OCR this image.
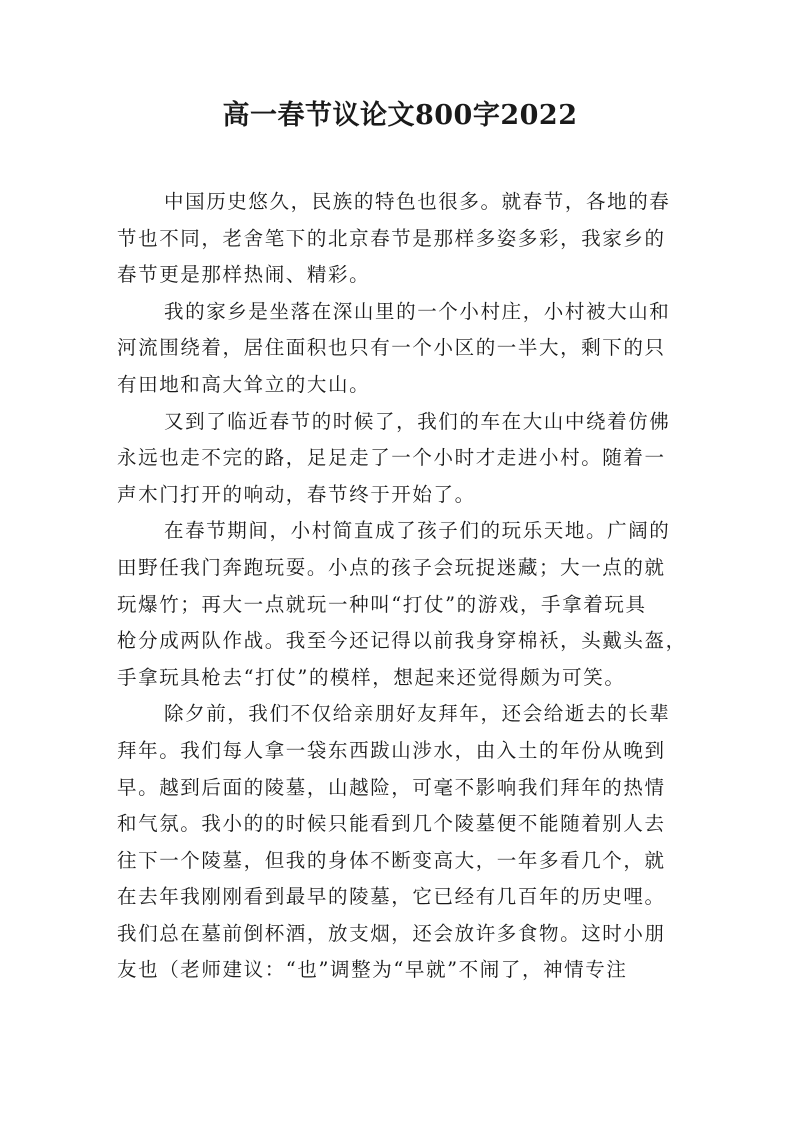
高一春节议论文800字2022
中国历史悠久，民族的特色也很多。就春节，各地的春
节也不同，老舍笔下的北京春节是那样多姿多彩，我家乡的
春节更是那样热闹、精彩。
我的家乡是坐落在深山里的一个小村庄，小村被大山和
河流围绕着，居住面积也只有一个小区的一半大，剩下的只
有田地和高大耸立的大山。
又到了临近春节的时候了，我们的车在大山中绕着仿佛
永远也走不完的路，足足走了一个小时才走进小村。随着一
声木门打开的响动，春节终于开始了。
在春节期间，小村简直成了孩子们的玩乐天地。广阔的
田野任我门奔跑玩耍。小点的孩子会玩捉迷藏；大一点的就
玩爆竹；再大一点就玩一种叫“打仗”的游戏，手拿着玩具
枪分成两队作战。我至今还记得以前我身穿棉袄，头戴头盔，
手拿玩具枪去“打仗”的模样，想起来还觉得颇为可笑。
除夕前，我们不仅给亲朋好友拜年，还会给逝去的长辈
拜年。我们每人拿一袋东西跋山涉水，由入土的年份从晚到
早。越到后面的陵墓，山越险，可毫不影响我们拜年的热情
和气氛。我小的的时候只能看到几个陵墓便不能随着别人去
往下一个陵墓，但我的身体不断变高大，一年多看几个，就
在去年我刚刚看到最早的陵墓，它已经有几百年的历史哩。
我们总在墓前倒杯酒，放支烟，还会放许多食物。这时小朋
友也（老师建议：“也”调整为“早就”不闹了，神情专注
